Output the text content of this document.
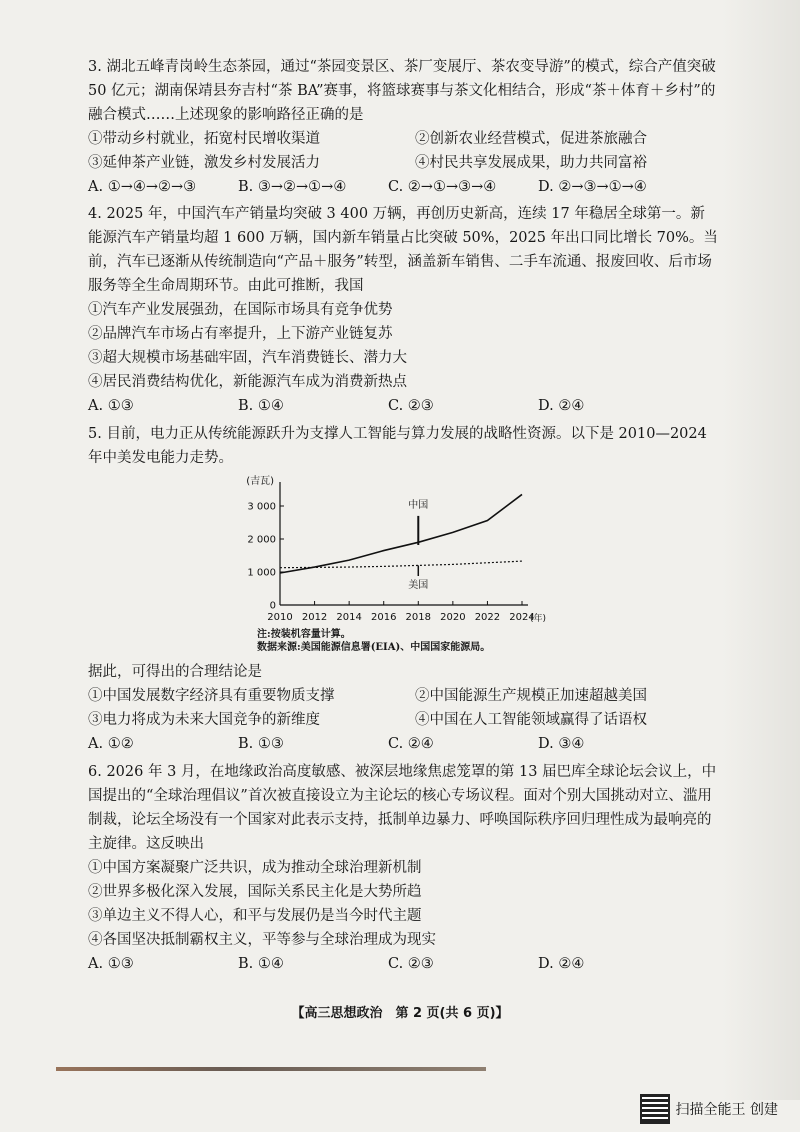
3. 湖北五峰青岗岭生态茶园，通过“茶园变景区、茶厂变展厅、茶农变导游”的模式，综合产值突破 50 亿元；湖南保靖县夯吉村“茶 BA”赛事，将篮球赛事与茶文化相结合，形成“茶＋体育＋乡村”的融合模式……上述现象的影响路径正确的是

①带动乡村就业，拓宽村民增收渠道	②创新农业经营模式，促进茶旅融合
③延伸茶产业链，激发乡村发展活力	④村民共享发展成果，助力共同富裕
A. ①→④→②→③	B. ③→②→①→④	C. ②→①→③→④	D. ②→③→①→④

4. 2025 年，中国汽车产销量均突破 3 400 万辆，再创历史新高，连续 17 年稳居全球第一。新能源汽车产销量均超 1 600 万辆，国内新车销量占比突破 50%，2025 年出口同比增长 70%。当前，汽车已逐渐从传统制造向“产品＋服务”转型，涵盖新车销售、二手车流通、报废回收、后市场服务等全生命周期环节。由此可推断，我国

①汽车产业发展强劲，在国际市场具有竞争优势

②品牌汽车市场占有率提升，上下游产业链复苏

③超大规模市场基础牢固，汽车消费链长、潜力大

④居民消费结构优化，新能源汽车成为消费新热点

A. ①③	B. ①④	C. ②③	D. ②④

5. 目前，电力正从传统能源跃升为支撑人工智能与算力发展的战略性资源。以下是 2010—2024 年中美发电能力走势。

(吉瓦)
(年)
0
1 000
2 000
3 000
2010 2012 2014 2016 2018 2020 2022 2024
中国
美国
注:按装机容量计算。
数据来源:美国能源信息署(EIA)、中国国家能源局。

据此，可得出的合理结论是

①中国发展数字经济具有重要物质支撑	②中国能源生产规模正加速超越美国
③电力将成为未来大国竞争的新维度	④中国在人工智能领域赢得了话语权
A. ①②	B. ①③	C. ②④	D. ③④

6. 2026 年 3 月，在地缘政治高度敏感、被深层地缘焦虑笼罩的第 13 届巴库全球论坛会议上，中国提出的“全球治理倡议”首次被直接设立为主论坛的核心专场议程。面对个别大国挑动对立、滥用制裁，论坛全场没有一个国家对此表示支持，抵制单边暴力、呼唤国际秩序回归理性成为最响亮的主旋律。这反映出

①中国方案凝聚广泛共识，成为推动全球治理新机制

②世界多极化深入发展，国际关系民主化是大势所趋

③单边主义不得人心，和平与发展仍是当今时代主题

④各国坚决抵制霸权主义，平等参与全球治理成为现实

A. ①③	B. ①④	C. ②③	D. ②④
【高三思想政治　第 2 页(共 6 页)】
扫描全能王 创建
